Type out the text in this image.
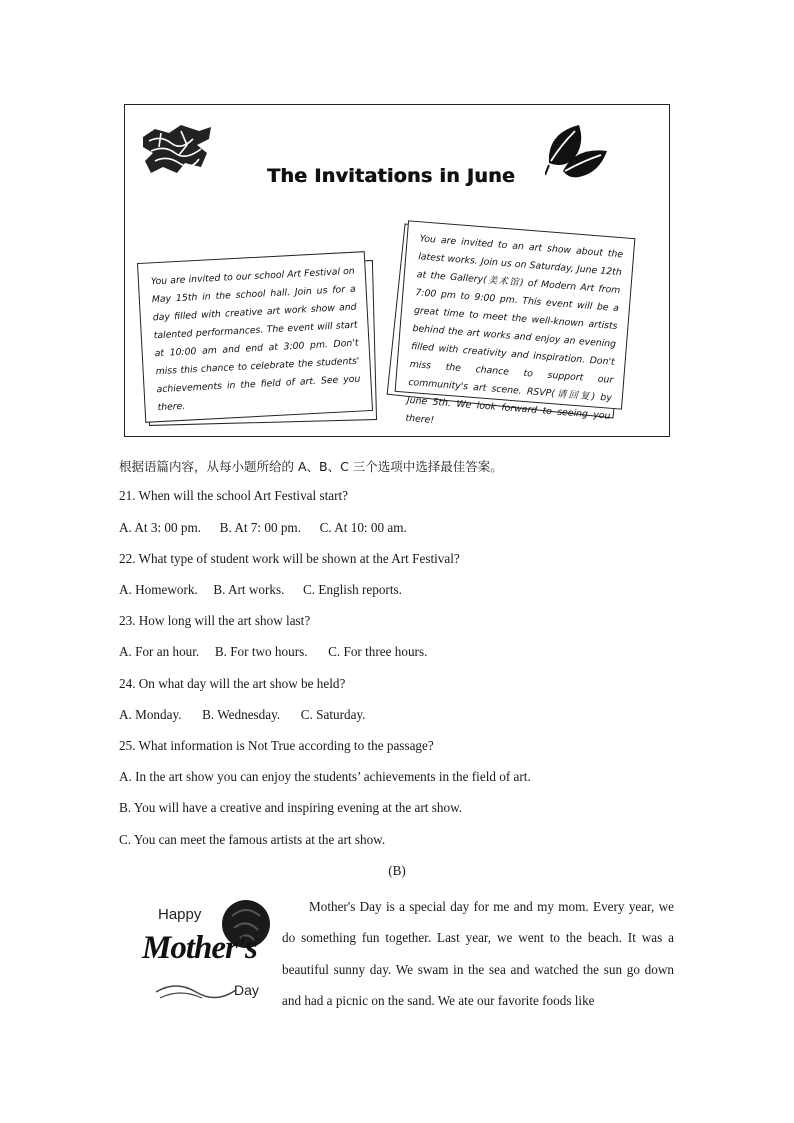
The Invitations in June

You are invited to our school Art Festival on May 15th in the school hall. Join us for a day filled with creative art work show and talented performances. The event will start at 10:00 am and end at 3:00 pm. Don't miss this chance to celebrate the students' achievements in the field of art. See you there.

You are invited to an art show about the latest works. Join us on Saturday, June 12th at the Gallery(美术馆) of Modern Art from 7:00 pm to 9:00 pm. This event will be a great time to meet the well-known artists behind the art works and enjoy an evening filled with creativity and inspiration. Don't miss the chance to support our community's art scene. RSVP(请回复) by June 5th. We look forward to seeing you there!

根据语篇内容，从每小题所给的 A、B、C 三个选项中选择最佳答案。
21. When will the school Art Festival start?
A. At 3: 00 pm. B. At 7: 00 pm. C. At 10: 00 am.
22. What type of student work will be shown at the Art Festival?
A. Homework. B. Art works. C. English reports.
23. How long will the art show last?
A. For an hour. B. For two hours. C. For three hours.
24. On what day will the art show be held?
A. Monday. B. Wednesday. C. Saturday.
25. What information is Not True according to the passage?
A. In the art show you can enjoy the students’ achievements in the field of art.
B. You will have a creative and inspiring evening at the art show.
C. You can meet the famous artists at the art show.
(B)
Happy
Mother's
Day

Mother's Day is a special day for me and my mom. Every year, we do something fun together. Last year, we went to the beach. It was a beautiful sunny day. We swam in the sea and watched the sun go down and had a picnic on the sand. We ate our favorite foods like
